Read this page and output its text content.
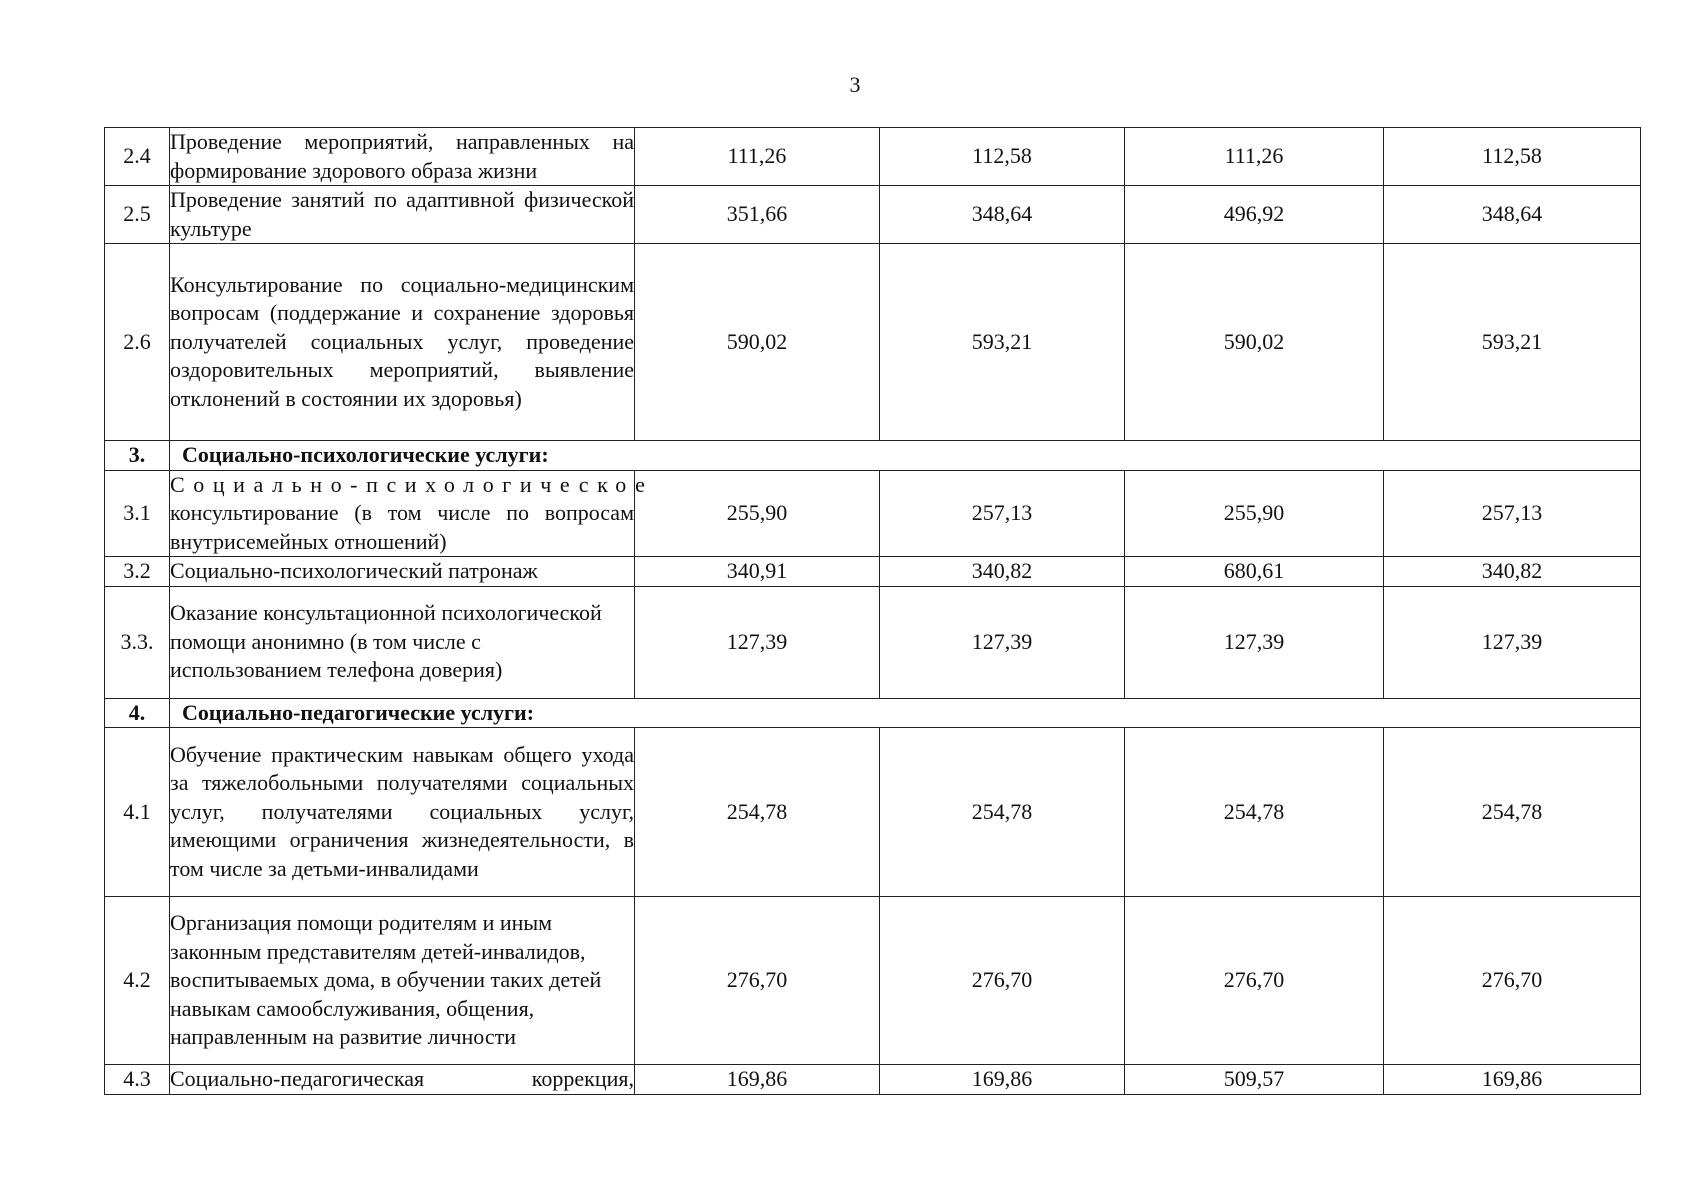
3
2.4	Проведение мероприятий, направленных на формирование здорового образа жизни	111,26	112,58	111,26	112,58
2.5	Проведение занятий по адаптивной физической культуре	351,66	348,64	496,92	348,64
2.6	Консультирование по социально-медицинским вопросам (поддержание и сохранение здоровья получателей социальных услуг, проведение оздоровительных мероприятий, выявление отклонений в состоянии их здоровья)	590,02	593,21	590,02	593,21
3.	Социально-психологические услуги:				
3.1	Социально-психологическое консультирование (в том числе по вопросам внутрисемейных отношений)	255,90	257,13	255,90	257,13
3.2	Социально-психологический патронаж	340,91	340,82	680,61	340,82
3.3.	Оказание консультационной психологической помощи анонимно (в том числе с использованием телефона доверия)	127,39	127,39	127,39	127,39
4.	Социально-педагогические услуги:				
4.1	Обучение практическим навыкам общего ухода за тяжелобольными получателями социальных услуг, получателями социальных услуг, имеющими ограничения жизнедеятельности, в том числе за детьми-инвалидами	254,78	254,78	254,78	254,78
4.2	Организация помощи родителям и иным законным представителям детей-инвалидов, воспитываемых дома, в обучении таких детей навыкам самообслуживания, общения, направленным на развитие личности	276,70	276,70	276,70	276,70
4.3	Социально-педагогическая коррекция,	169,86	169,86	509,57	169,86
